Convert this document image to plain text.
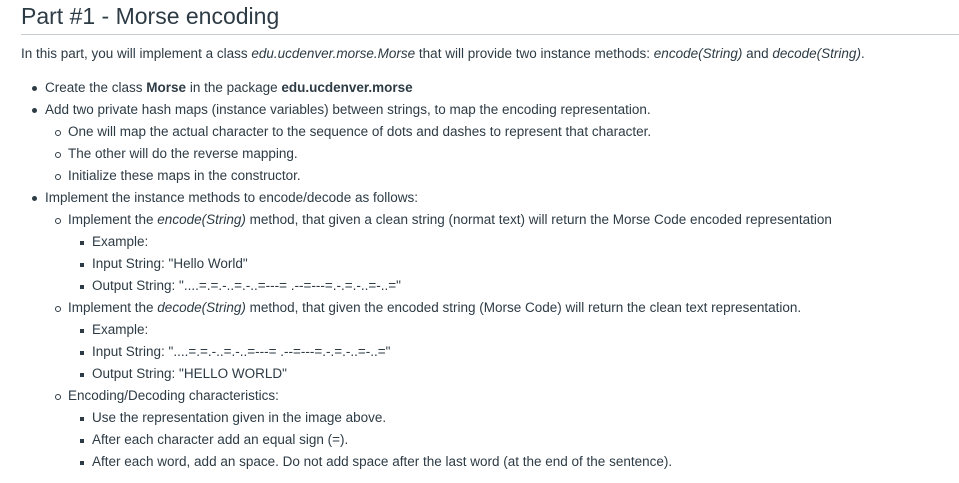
Part #1 - Morse encoding

In this part, you will implement a class edu.ucdenver.morse.Morse that will provide two instance methods: encode(String) and decode(String).

Create the class Morse in the package edu.ucdenver.morse
Add two private hash maps (instance variables) between strings, to map the encoding representation.
One will map the actual character to the sequence of dots and dashes to represent that character.
The other will do the reverse mapping.
Initialize these maps in the constructor.
Implement the instance methods to encode/decode as follows:
Implement the encode(String) method, that given a clean string (normat text) will return the Morse Code encoded representation
Example:
Input String: "Hello World"
Output String: "....=.=.-..=.-..=---= .--=---=.-.=.-..=-..="
Implement the decode(String) method, that given the encoded string (Morse Code) will return the clean text representation.
Example:
Input String: "....=.=.-..=.-..=---= .--=---=.-.=.-..=-..="
Output String: "HELLO WORLD"
Encoding/Decoding characteristics:
Use the representation given in the image above.
After each character add an equal sign (=).
After each word, add an space. Do not add space after the last word (at the end of the sentence).
